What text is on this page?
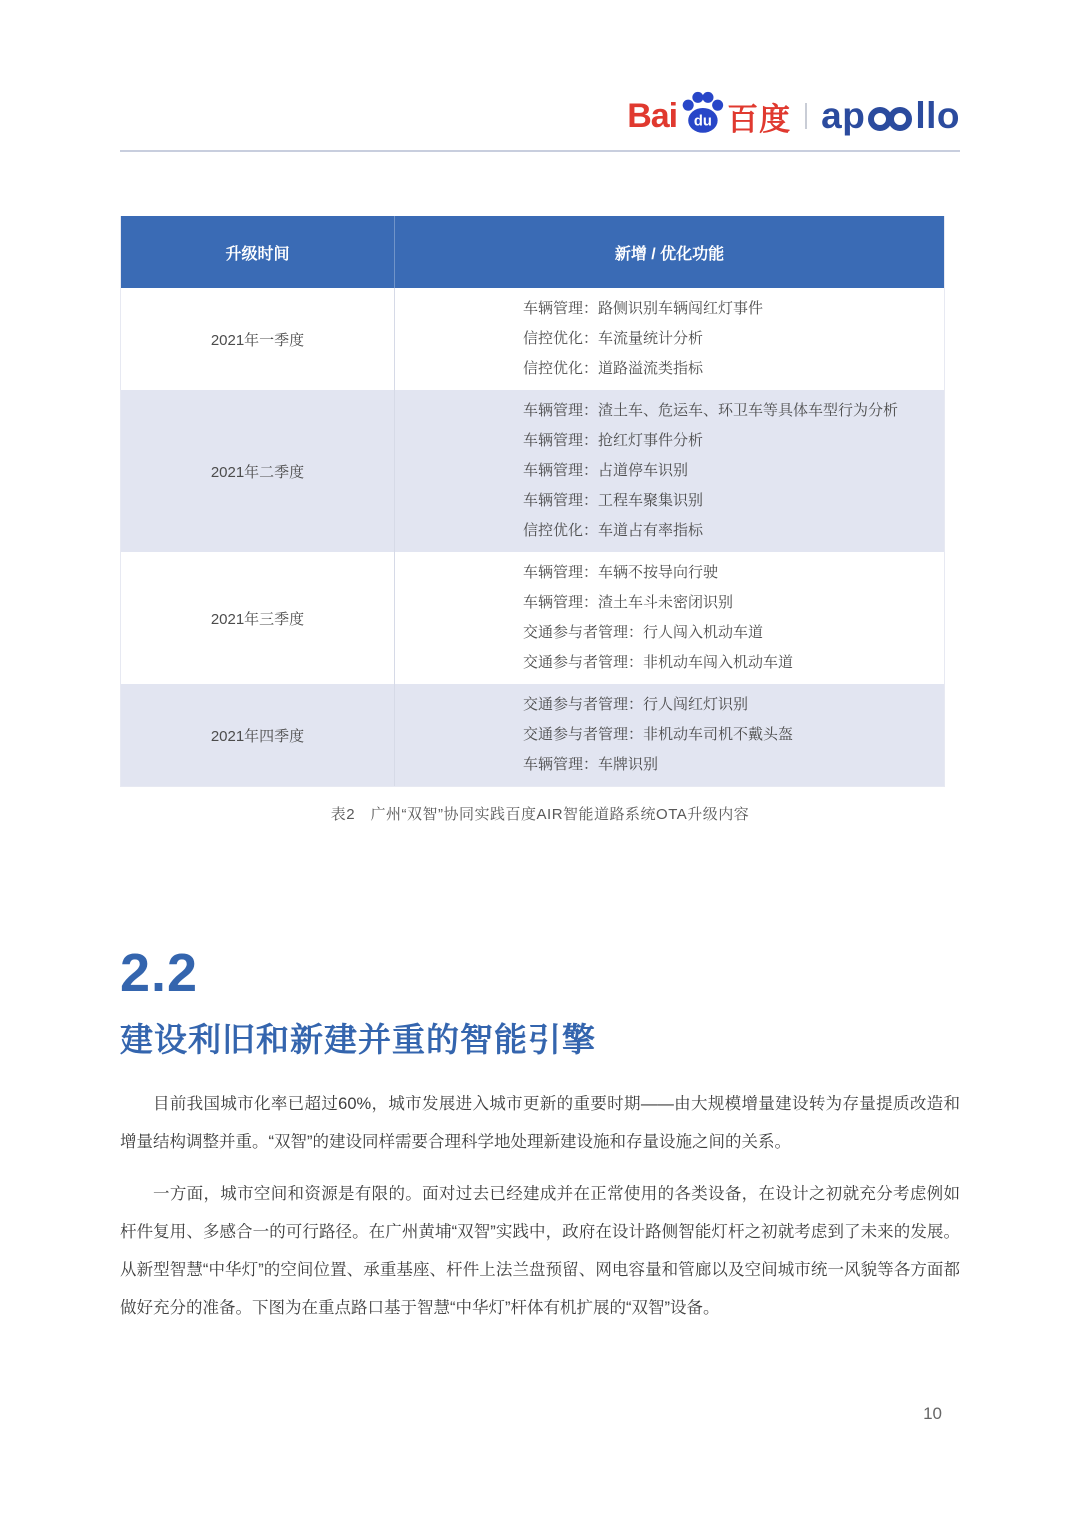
Bai du 百度 ap llo
升级时间	新增 / 优化功能
2021年一季度
车辆管理：路侧识别车辆闯红灯事件
信控优化：车流量统计分析
信控优化：道路溢流类指标
2021年二季度
车辆管理：渣土车、危运车、环卫车等具体车型行为分析
车辆管理：抢红灯事件分析
车辆管理：占道停车识别
车辆管理：工程车聚集识别
信控优化：车道占有率指标
2021年三季度
车辆管理：车辆不按导向行驶
车辆管理：渣土车斗未密闭识别
交通参与者管理：行人闯入机动车道
交通参与者管理：非机动车闯入机动车道
2021年四季度
交通参与者管理：行人闯红灯识别
交通参与者管理：非机动车司机不戴头盔
车辆管理：车牌识别
表2　广州“双智”协同实践百度AIR智能道路系统OTA升级内容
2.2
建设利旧和新建并重的智能引擎

目前我国城市化率已超过60%，城市发展进入城市更新的重要时期——由大规模增量建设转为存量提质改造和增量结构调整并重。“双智”的建设同样需要合理科学地处理新建设施和存量设施之间的关系。

一方面，城市空间和资源是有限的。面对过去已经建成并在正常使用的各类设备，在设计之初就充分考虑例如杆件复用、多感合一的可行路径。在广州黄埔“双智”实践中，政府在设计路侧智能灯杆之初就考虑到了未来的发展。从新型智慧“中华灯”的空间位置、承重基座、杆件上法兰盘预留、网电容量和管廊以及空间城市统一风貌等各方面都做好充分的准备。下图为在重点路口基于智慧“中华灯”杆体有机扩展的“双智”设备。

10
